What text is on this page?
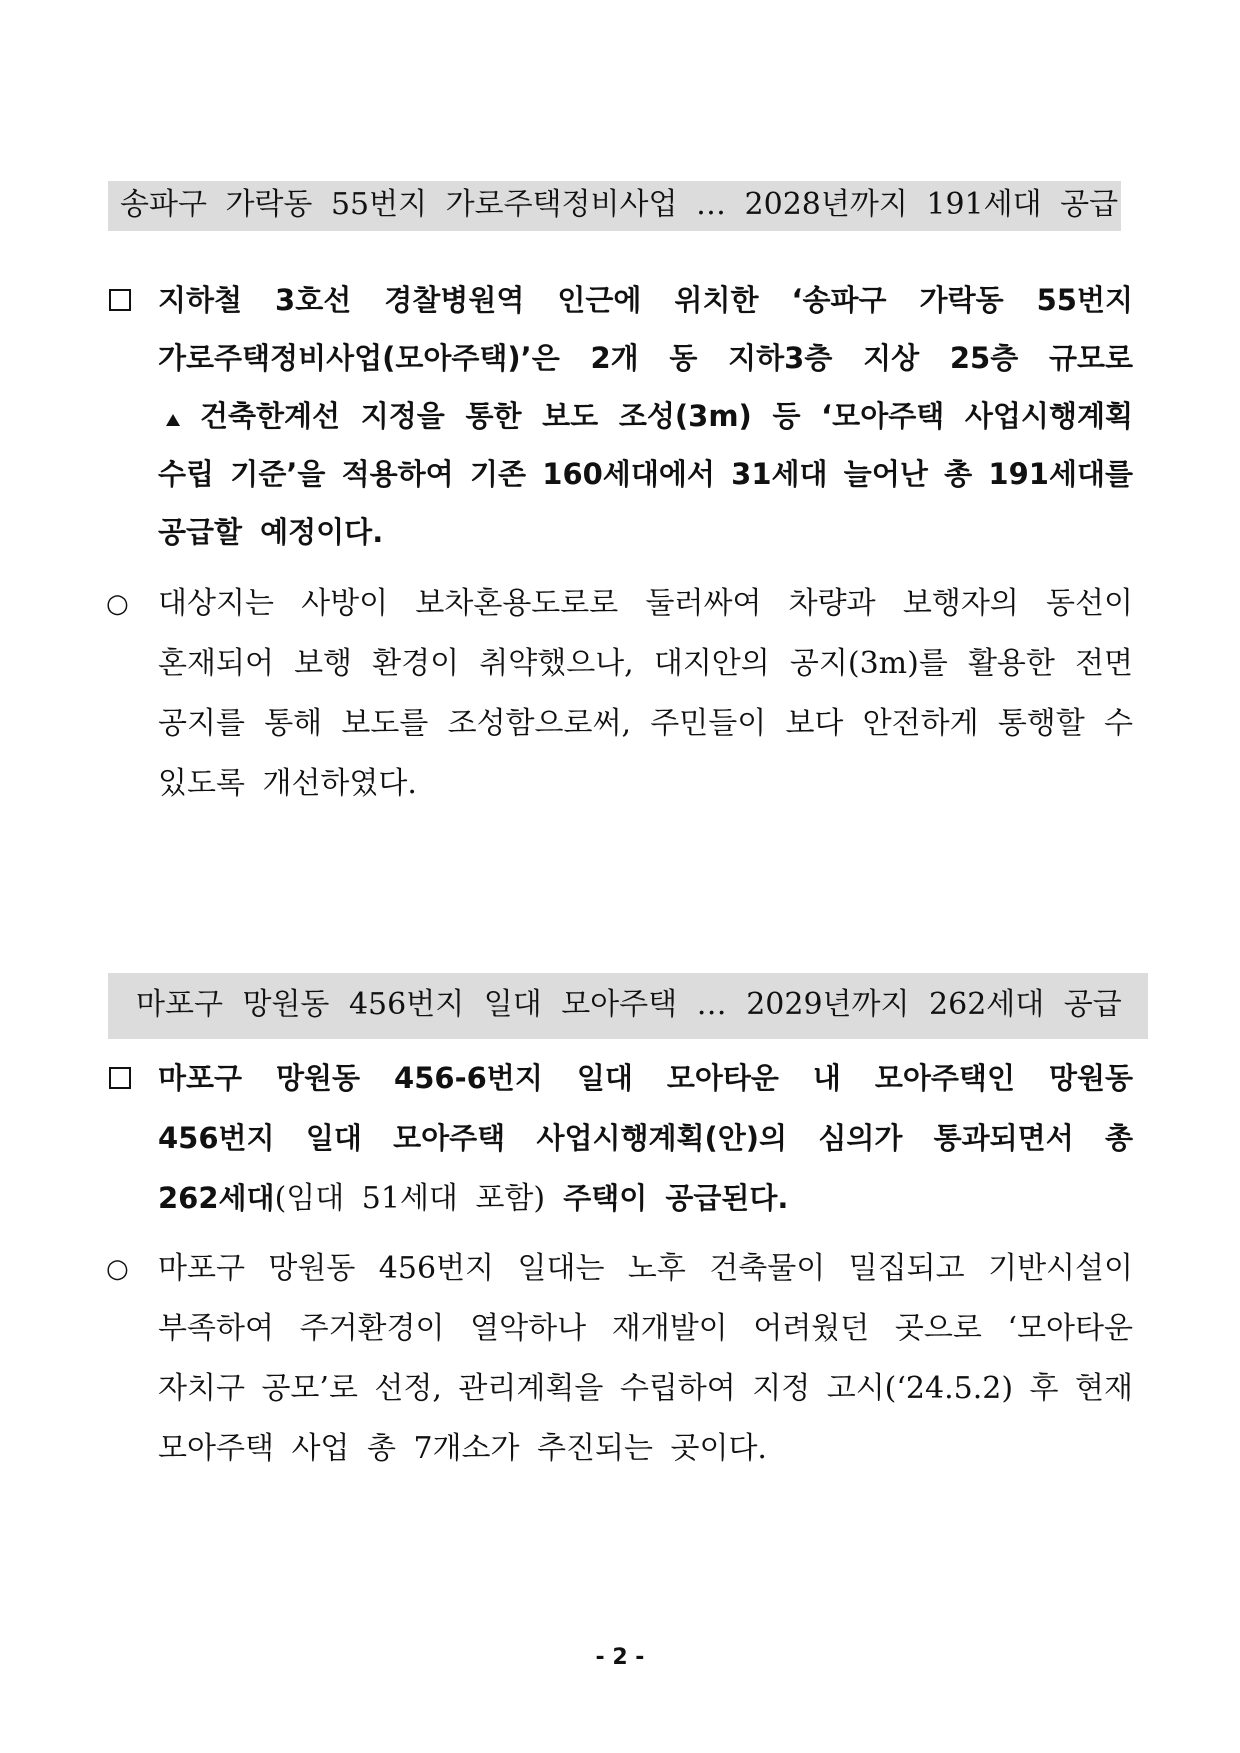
송파구 가락동 55번지 가로주택정비사업 … 2028년까지 191세대 공급
지하철 3호선 경찰병원역 인근에 위치한 ‘송파구 가락동 55번지
가로주택정비사업(모아주택)’은 2개 동 지하3층 지상 25층 규모로
건축한계선 지정을 통한 보도 조성(3m) 등 ‘모아주택 사업시행계획
수립 기준’을 적용하여 기존 160세대에서 31세대 늘어난 총 191세대를
공급할 예정이다.
○ 대상지는 사방이 보차혼용도로로 둘러싸여 차량과 보행자의 동선이
혼재되어 보행 환경이 취약했으나, 대지안의 공지(3m)를 활용한 전면
공지를 통해 보도를 조성함으로써, 주민들이 보다 안전하게 통행할 수
있도록 개선하였다.
마포구 망원동 456번지 일대 모아주택 … 2029년까지 262세대 공급
마포구 망원동 456-6번지 일대 모아타운 내 모아주택인 망원동
456번지 일대 모아주택 사업시행계획(안)의 심의가 통과되면서 총
262세대(임대 51세대 포함) 주택이 공급된다.
○ 마포구 망원동 456번지 일대는 노후 건축물이 밀집되고 기반시설이
부족하여 주거환경이 열악하나 재개발이 어려웠던 곳으로 ‘모아타운
자치구 공모’로 선정, 관리계획을 수립하여 지정 고시(‘24.5.2) 후 현재
모아주택 사업 총 7개소가 추진되는 곳이다.
- 2 -
